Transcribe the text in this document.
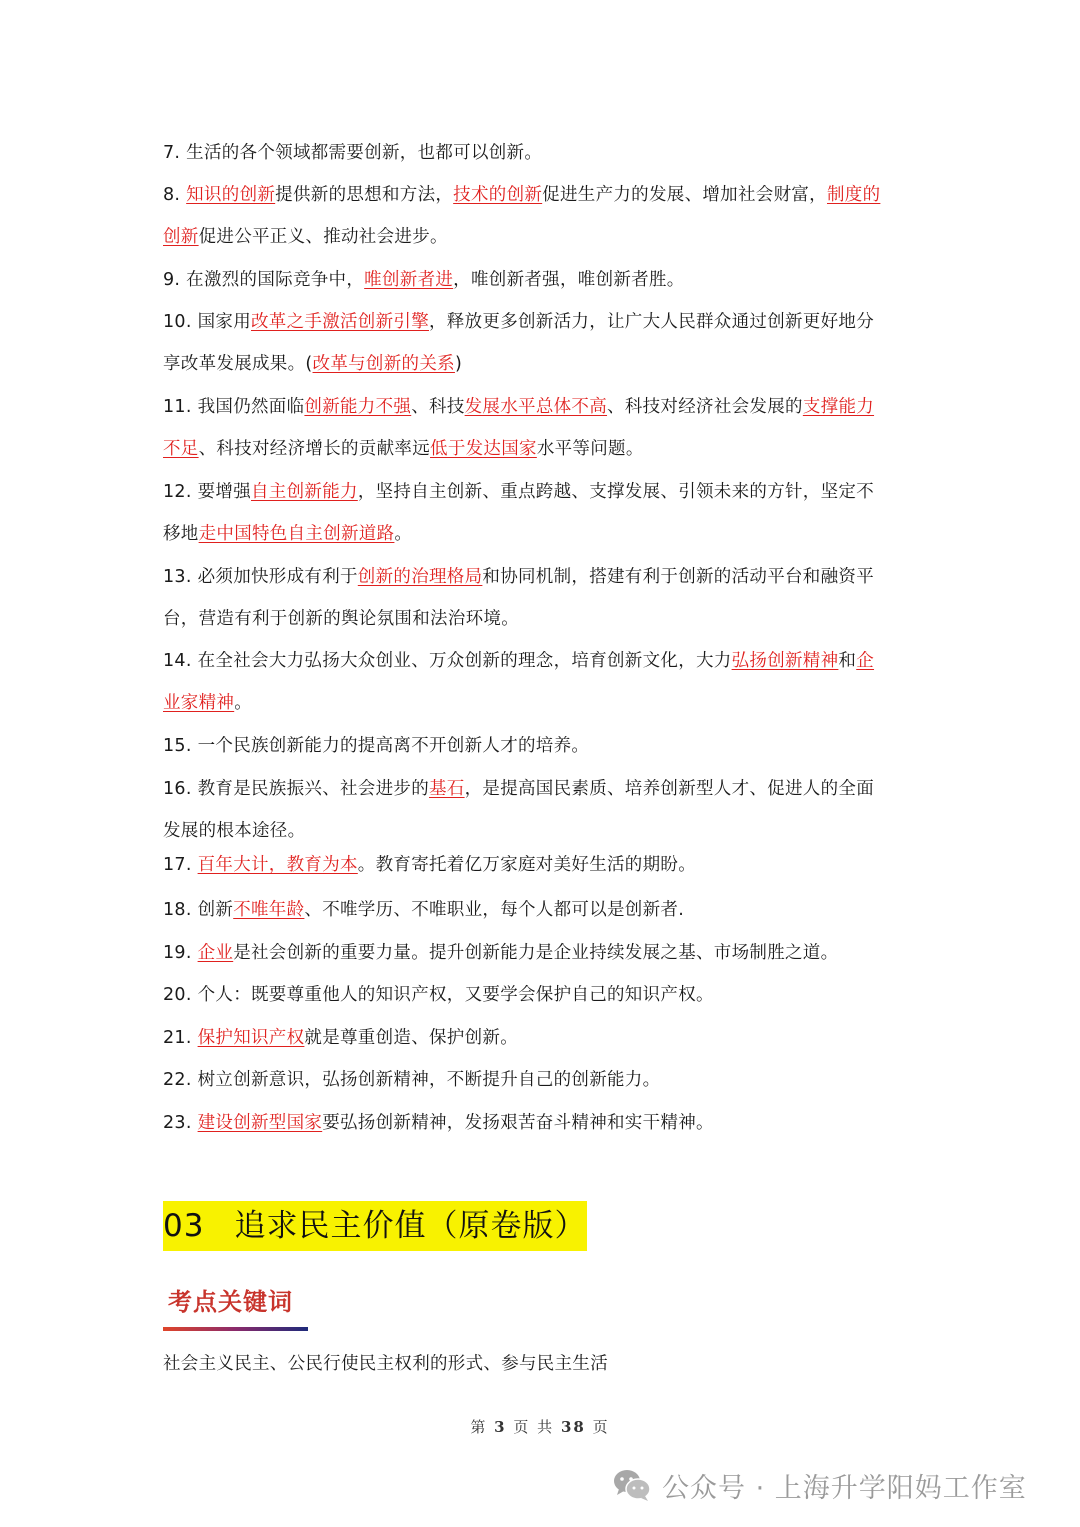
7. 生活的各个领域都需要创新，也都可以创新。
8. 知识的创新提供新的思想和方法，技术的创新促进生产力的发展、增加社会财富，制度的
创新促进公平正义、推动社会进步。
9. 在激烈的国际竞争中，唯创新者进，唯创新者强，唯创新者胜。
10. 国家用改革之手激活创新引擎，释放更多创新活力，让广大人民群众通过创新更好地分
享改革发展成果。(改革与创新的关系)
11. 我国仍然面临创新能力不强、科技发展水平总体不高、科技对经济社会发展的支撑能力
不足、科技对经济增长的贡献率远低于发达国家水平等问题。
12. 要增强自主创新能力，坚持自主创新、重点跨越、支撑发展、引领未来的方针，坚定不
移地走中国特色自主创新道路。
13. 必须加快形成有利于创新的治理格局和协同机制，搭建有利于创新的活动平台和融资平
台，营造有利于创新的舆论氛围和法治环境。
14. 在全社会大力弘扬大众创业、万众创新的理念，培育创新文化，大力弘扬创新精神和企
业家精神。
15. 一个民族创新能力的提高离不开创新人才的培养。
16. 教育是民族振兴、社会进步的基石，是提高国民素质、培养创新型人才、促进人的全面
发展的根本途径。
17. 百年大计，教育为本。教育寄托着亿万家庭对美好生活的期盼。
18. 创新不唯年龄、不唯学历、不唯职业，每个人都可以是创新者.
19. 企业是社会创新的重要力量。提升创新能力是企业持续发展之基、市场制胜之道。
20. 个人：既要尊重他人的知识产权，又要学会保护自己的知识产权。
21. 保护知识产权就是尊重创造、保护创新。
22. 树立创新意识，弘扬创新精神，不断提升自己的创新能力。
23. 建设创新型国家要弘扬创新精神，发扬艰苦奋斗精神和实干精神。
03 追求民主价值（原卷版）
考点关键词
社会主义民主、公民行使民主权利的形式、参与民主生活
第 3 页 共 38 页
公众号 · 上海升学阳妈工作室
